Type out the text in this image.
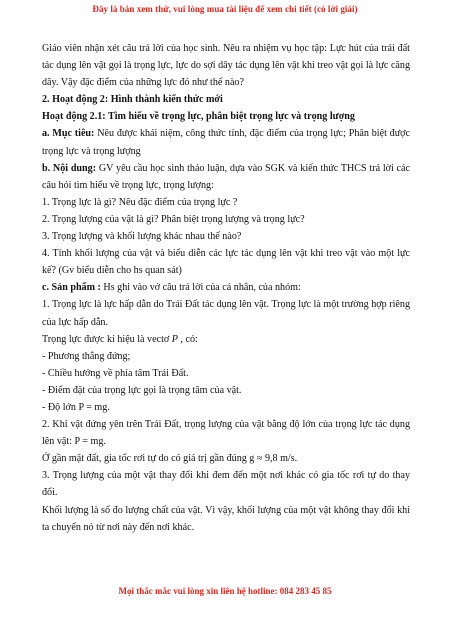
Đây là bản xem thử, vui lòng mua tài liệu để xem chi tiết (có lời giải)

Giáo viên nhận xét câu trả lời của học sinh. Nêu ra nhiệm vụ học tập: Lực hút của trái đất tác dụng lên vật gọi là trọng lực, lực do sợi dây tác dụng lên vật khi treo vật gọi là lực căng dây. Vậy đặc điểm của những lực đó như thế nào?

2. Hoạt động 2: Hình thành kiến thức mới

Hoạt động 2.1: Tìm hiểu về trọng lực, phân biệt trọng lực và trọng lượng

a. Mục tiêu: Nêu được khái niệm, công thức tính, đặc điểm của trọng lực; Phân biệt được trọng lực và trọng lượng

b. Nội dung: GV yêu cầu học sinh thảo luận, dựa vào SGK và kiến thức THCS trả lời các câu hỏi tìm hiểu về trọng lực, trọng lượng:

1. Trọng lực là gì? Nêu đặc điểm của trọng lực ?

2. Trọng lượng của vật là gì? Phân biệt trọng lượng và trọng lực?

3. Trọng lượng và khối lượng khác nhau thế nào?

4. Tính khối lượng của vật và biểu diễn các lực tác dụng lên vật khi treo vật vào một lực kế? (Gv biểu diễn cho hs quan sát)

c. Sản phẩm : Hs ghi vào vở câu trả lời của cá nhân, của nhóm:

1. Trọng lực là lực hấp dẫn do Trái Đất tác dụng lên vật. Trọng lực là một trường hợp riêng của lực hấp dẫn.

Trọng lực được kí hiệu là vectơ P , có:

- Phương thẳng đứng;

- Chiều hướng về phía tâm Trái Đất.

- Điểm đặt của trọng lực gọi là trọng tâm của vật.

- Độ lớn P = mg.

2. Khi vật đứng yên trên Trái Đất, trọng lượng của vật bằng độ lớn của trọng lực tác dụng lên vật: P = mg.

Ở gần mặt đất, gia tốc rơi tự do có giá trị gần đúng g ≈ 9,8 m/s.

3. Trọng lượng của một vật thay đổi khi đem đến một nơi khác có gia tốc rơi tự do thay đổi.

Khối lượng là số đo lượng chất của vật. Vì vậy, khối lượng của một vật không thay đổi khi ta chuyển nó từ nơi này đến nơi khác.

Mọi thắc mắc vui lòng xin liên hệ hotline: 084 283 45 85
